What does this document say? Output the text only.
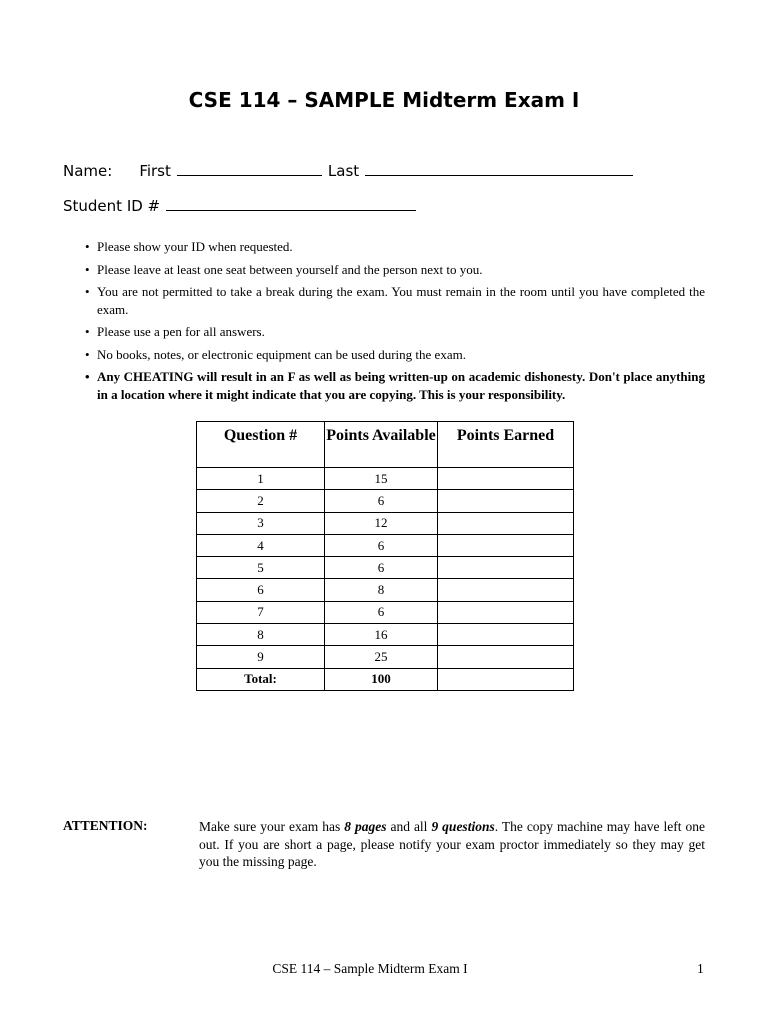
CSE 114 – SAMPLE Midterm Exam I
Name: First	Last
Student ID #
• Please show your ID when requested.
• Please leave at least one seat between yourself and the person next to you.
• You are not permitted to take a break during the exam. You must remain in the room until you have completed the exam.
• Please use a pen for all answers.
• No books, notes, or electronic equipment can be used during the exam.
• Any CHEATING will result in an F as well as being written-up on academic dishonesty. Don't place anything in a location where it might indicate that you are copying. This is your responsibility.
Question #	Points Available	Points Earned
1	15	
2	6	
3	12	
4	6	
5	6	
6	8	
7	6	
8	16	
9	25	
Total:	100	
ATTENTION:	Make sure your exam has 8 pages and all 9 questions. The copy machine may have left one out. If you are short a page, please notify your exam proctor immediately so they may get you the missing page.
CSE 114 – Sample Midterm Exam I	1
